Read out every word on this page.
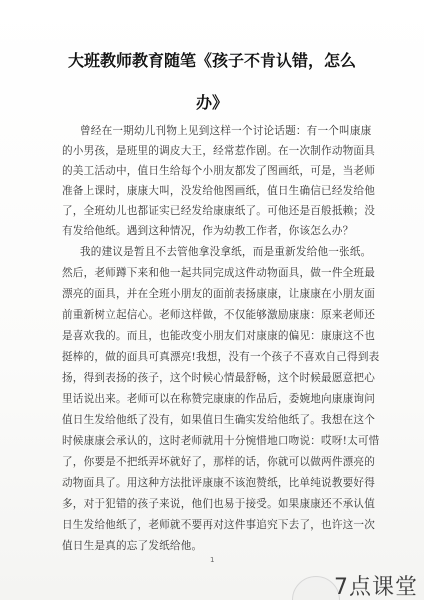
大班教师教育随笔《孩子不肯认错，怎么
办》
曾经在一期幼儿刊物上见到这样一个讨论话题：有一个叫康康
的小男孩，是班里的调皮大王，经常惹作剧。在一次制作动物面具
的美工活动中，值日生给每个小朋友都发了图画纸，可是，当老师
准备上课时，康康大叫，没发给他图画纸，值日生确信已经发给他
了，全班幼儿也都证实已经发给康康纸了。可他还是百般抵赖；没
有发给他纸。遇到这种情况，作为幼教工作者，你该怎么办？
我的建议是暂且不去管他拿没拿纸，而是重新发给他一张纸。
然后，老师蹲下来和他一起共同完成这件动物面具，做一件全班最
漂亮的面具，并在全班小朋友的面前表扬康康，让康康在小朋友面
前重新树立起信心。老师这样做，不仅能够激励康康：原来老师还
是喜欢我的。而且，也能改变小朋友们对康康的偏见：康康这不也
挺棒的，做的面具可真漂亮!我想，没有一个孩子不喜欢自己得到表
扬，得到表扬的孩子，这个时候心情最舒畅，这个时候最愿意把心
里话说出来。老师可以在称赞完康康的作品后，委婉地向康康询问
值日生发给他纸了没有，如果值日生确实发给他纸了。我想在这个
时候康康会承认的，这时老师就用十分惋惜地口吻说：哎呀!太可惜
了，你要是不把纸弄坏就好了，那样的话，你就可以做两件漂亮的
动物面具了。用这种方法批评康康不该泡赞纸，比单纯说教要好得
多，对于犯错的孩子来说，他们也易于接受。如果康康还不承认值
日生发给他纸了，老师就不要再对这件事追究下去了，也许这一次
值日生是真的忘了发纸给他。
1
7点课堂
